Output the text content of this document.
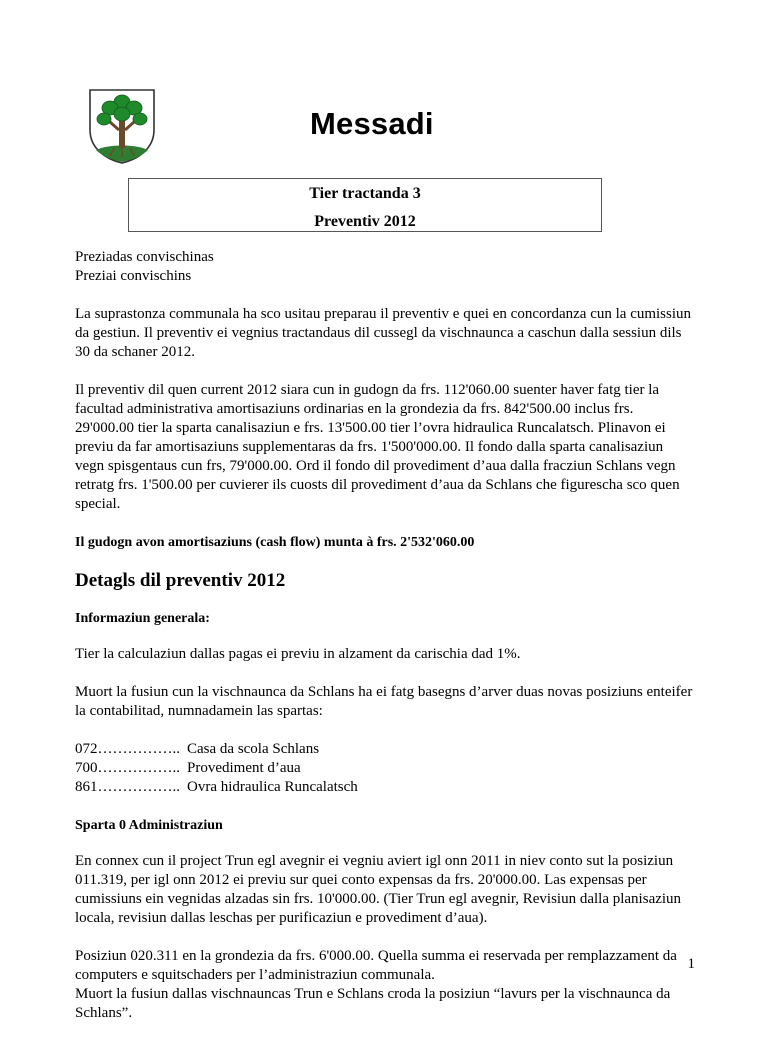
Messadi
Tier tractanda 3
Preventiv 2012

Preziadas convischinas
Preziai convischins

La suprastonza communala ha sco usitau preparau il preventiv e quei en concordanza cun la cumissiun da gestiun. Il preventiv ei vegnius tractandaus dil cussegl da vischnaunca a caschun dalla sessiun dils 30 da schaner 2012.

Il preventiv dil quen current 2012 siara cun in gudogn da frs. 112'060.00 suenter haver fatg tier la facultad administrativa amortisaziuns ordinarias en la grondezia da frs. 842'500.00 inclus frs. 29'000.00 tier la sparta canalisaziun e frs. 13'500.00 tier l’ovra hidraulica Runcalatsch. Plinavon ei previu da far amortisaziuns supplementaras da frs. 1'500'000.00. Il fondo dalla sparta canalisaziun vegn spisgentaus cun frs, 79'000.00. Ord il fondo dil provediment d’aua dalla fracziun Schlans vegn retratg frs. 1'500.00 per cuvierer ils cuosts dil provediment d’aua da Schlans che figurescha sco quen special.

Il gudogn avon amortisaziuns (cash flow) munta à frs. 2'532'060.00

Detagls dil preventiv 2012

Informaziun generala:

Tier la calculaziun dallas pagas ei previu in alzament da carischia dad 1%.

Muort la fusiun cun la vischnaunca da Schlans ha ei fatg basegns d’arver duas novas posiziuns enteifer la contabilitad, numnadamein las spartas:

072…………….. Casa da scola Schlans
700…………….. Provediment d’aua
861…………….. Ovra hidraulica Runcalatsch

Sparta 0 Administraziun

En connex cun il project Trun egl avegnir ei vegniu aviert igl onn 2011 in niev conto sut la posiziun 011.319, per igl onn 2012 ei previu sur quei conto expensas da frs. 20'000.00. Las expensas per cumissiuns ein vegnidas alzadas sin frs. 10'000.00. (Tier Trun egl avegnir, Revisiun dalla planisaziun locala, revisiun dallas leschas per purificaziun e provediment d’aua).

Posiziun 020.311 en la grondezia da frs. 6'000.00. Quella summa ei reservada per remplazzament da computers e squitschaders per l’administraziun communala.

Muort la fusiun dallas vischnauncas Trun e Schlans croda la posiziun “lavurs per la vischnaunca da Schlans”.

1
